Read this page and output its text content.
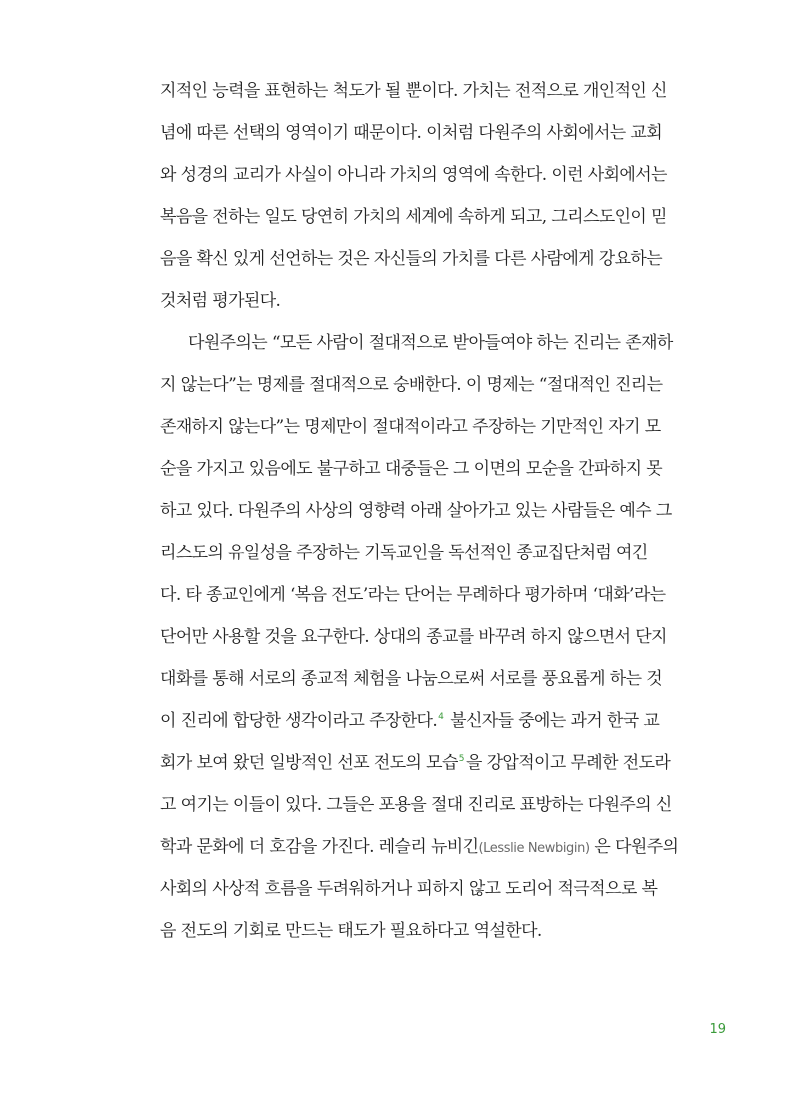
지적인 능력을 표현하는 척도가 될 뿐이다. 가치는 전적으로 개인적인 신
념에 따른 선택의 영역이기 때문이다. 이처럼 다원주의 사회에서는 교회
와 성경의 교리가 사실이 아니라 가치의 영역에 속한다. 이런 사회에서는
복음을 전하는 일도 당연히 가치의 세계에 속하게 되고, 그리스도인이 믿
음을 확신 있게 선언하는 것은 자신들의 가치를 다른 사람에게 강요하는
것처럼 평가된다.
다원주의는 “모든 사람이 절대적으로 받아들여야 하는 진리는 존재하
지 않는다”는 명제를 절대적으로 숭배한다. 이 명제는 “절대적인 진리는
존재하지 않는다”는 명제만이 절대적이라고 주장하는 기만적인 자기 모
순을 가지고 있음에도 불구하고 대중들은 그 이면의 모순을 간파하지 못
하고 있다. 다원주의 사상의 영향력 아래 살아가고 있는 사람들은 예수 그
리스도의 유일성을 주장하는 기독교인을 독선적인 종교집단처럼 여긴
다. 타 종교인에게 ‘복음 전도’라는 단어는 무례하다 평가하며 ‘대화’라는
단어만 사용할 것을 요구한다. 상대의 종교를 바꾸려 하지 않으면서 단지
대화를 통해 서로의 종교적 체험을 나눔으로써 서로를 풍요롭게 하는 것
이 진리에 합당한 생각이라고 주장한다.$^4$ 불신자들 중에는 과거 한국 교
회가 보여 왔던 일방적인 선포 전도의 모습$^5$ 을 강압적이고 무례한 전도라
고 여기는 이들이 있다. 그들은 포용을 절대 진리로 표방하는 다원주의 신
학과 문화에 더 호감을 가진다. 레슬리 뉴비긴(Lesslie Newbigin) 은 다원주의
사회의 사상적 흐름을 두려워하거나 피하지 않고 도리어 적극적으로 복
음 전도의 기회로 만드는 태도가 필요하다고 역설한다.
19
